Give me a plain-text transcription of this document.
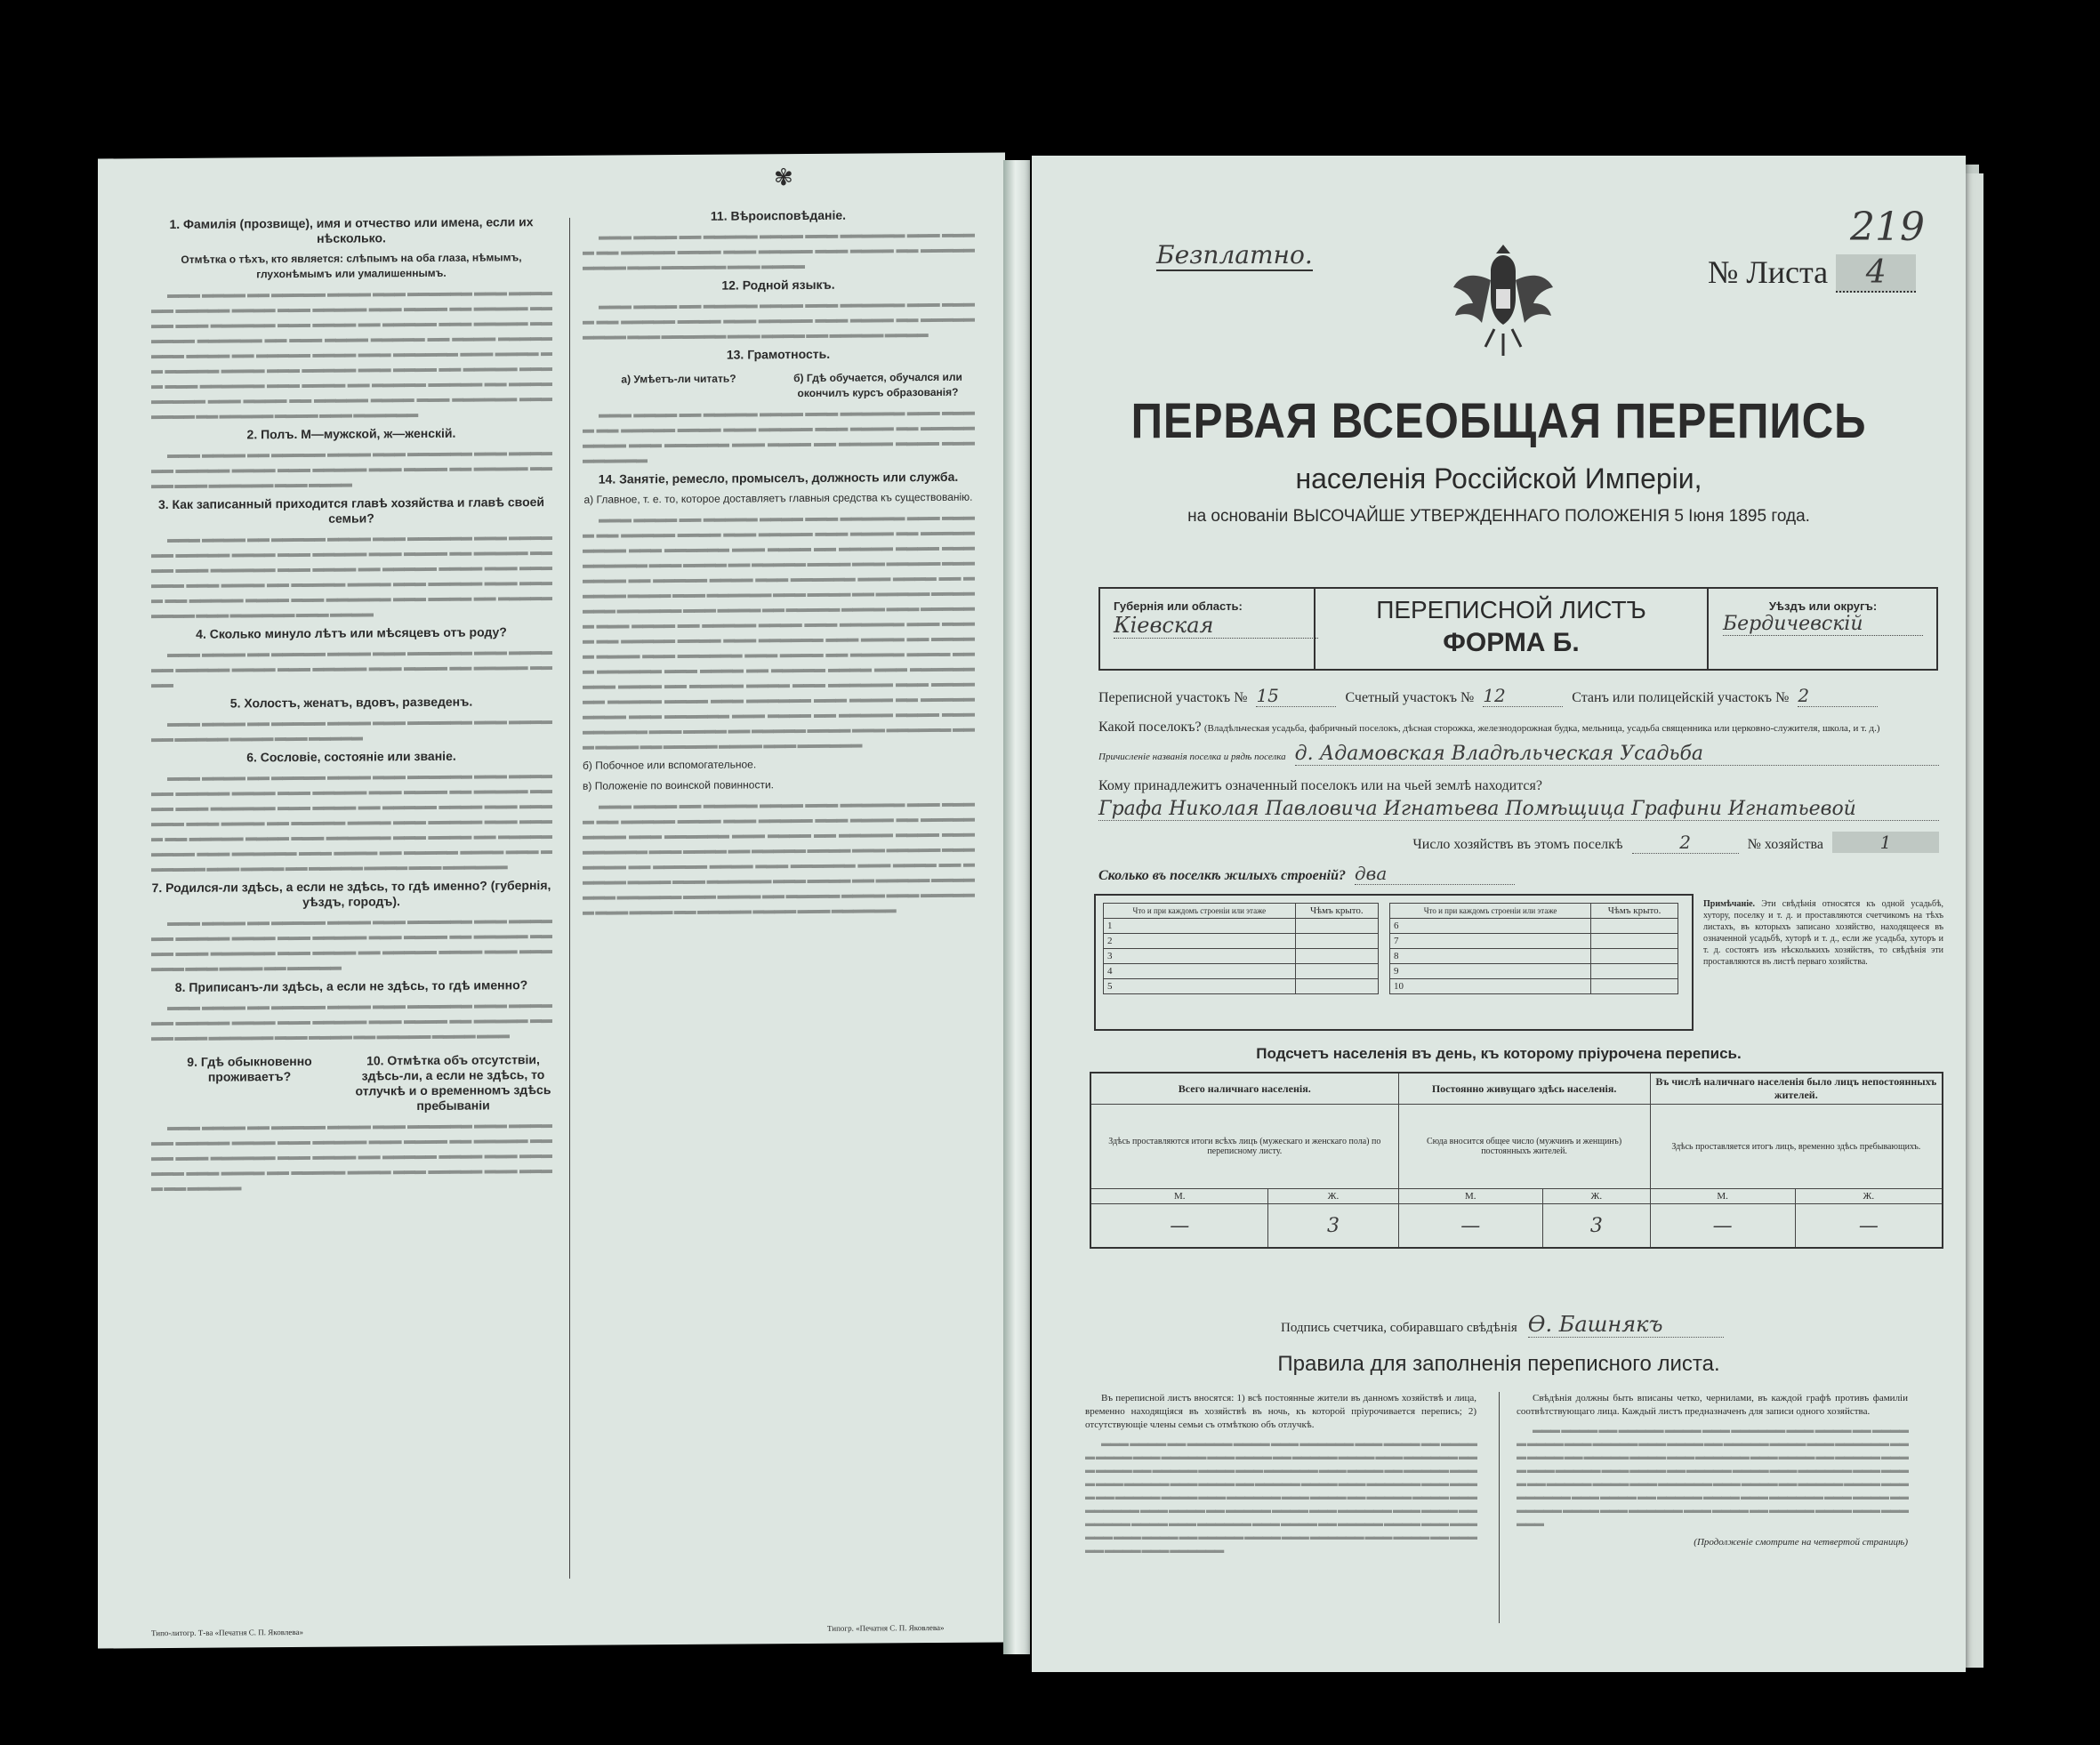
✾
1. Фамилія (прозвище), имя и отчество или имена, если их нѣсколько.
Отмѣтка о тѣхъ, кто является: слѣпымъ на оба глаза, нѣмымъ, глухонѣмымъ или умалишеннымъ.

▬▬▬ ▬▬▬▬ ▬▬ ▬▬▬▬▬ ▬▬▬▬ ▬▬▬ ▬▬▬▬▬▬ ▬▬▬ ▬▬▬▬ ▬▬ ▬▬▬▬▬ ▬▬▬▬ ▬▬▬ ▬▬▬▬▬ ▬▬▬ ▬▬▬▬ ▬▬ ▬▬▬▬▬ ▬▬▬▬ ▬▬▬ ▬▬▬▬▬▬ ▬▬▬ ▬▬▬▬ ▬▬ ▬▬▬▬▬ ▬▬▬ ▬▬▬▬▬ ▬▬ ▬▬▬▬ ▬▬▬▬▬▬ ▬▬ ▬▬▬ ▬▬▬▬ ▬▬▬▬▬ ▬▬ ▬▬▬▬ ▬▬▬▬▬ ▬▬▬ ▬▬▬▬ ▬▬ ▬▬▬▬▬ ▬▬▬▬ ▬▬▬ ▬▬▬▬▬▬ ▬▬▬ ▬▬▬▬ ▬▬ ▬▬▬▬▬ ▬▬▬▬ ▬▬▬ ▬▬▬▬▬ ▬▬▬ ▬▬▬▬ ▬▬ ▬▬▬▬▬ ▬▬▬▬ ▬▬▬ ▬▬▬▬▬▬ ▬▬▬ ▬▬▬▬ ▬▬ ▬▬▬▬▬ ▬▬▬▬▬ ▬▬ ▬▬▬▬ ▬▬▬▬▬ ▬▬▬ ▬▬▬▬ ▬▬ ▬▬▬▬▬ ▬▬▬▬ ▬▬▬ ▬▬▬▬▬▬ ▬▬▬ ▬▬▬▬ ▬▬ ▬▬▬▬▬ ▬▬▬▬ ▬▬▬ ▬▬▬▬▬▬

2. Полъ. М—мужской, ж—женскій.

▬▬▬ ▬▬▬▬ ▬▬ ▬▬▬▬▬ ▬▬▬▬ ▬▬▬ ▬▬▬▬▬▬ ▬▬▬ ▬▬▬▬ ▬▬ ▬▬▬▬▬ ▬▬▬▬ ▬▬▬ ▬▬▬▬▬ ▬▬▬ ▬▬▬▬ ▬▬ ▬▬▬▬▬ ▬▬▬▬ ▬▬▬ ▬▬▬▬▬▬ ▬▬▬ ▬▬▬▬

3. Как записанный приходится главѣ хозяйства и главѣ своей семьи?

▬▬▬ ▬▬▬▬ ▬▬ ▬▬▬▬▬ ▬▬▬▬ ▬▬▬ ▬▬▬▬▬▬ ▬▬▬ ▬▬▬▬ ▬▬ ▬▬▬▬▬ ▬▬▬▬ ▬▬▬ ▬▬▬▬▬ ▬▬▬ ▬▬▬▬ ▬▬ ▬▬▬▬▬ ▬▬▬▬ ▬▬▬ ▬▬▬▬▬▬ ▬▬▬ ▬▬▬▬ ▬▬ ▬▬▬▬▬ ▬▬▬▬ ▬▬▬ ▬▬▬▬▬▬ ▬▬▬ ▬▬▬▬ ▬▬ ▬▬▬▬▬ ▬▬▬▬ ▬▬▬ ▬▬▬▬▬ ▬▬▬ ▬▬▬▬ ▬▬ ▬▬▬▬▬ ▬▬▬▬ ▬▬▬ ▬▬▬▬▬▬ ▬▬▬ ▬▬▬▬ ▬▬ ▬▬▬▬▬ ▬▬▬▬ ▬▬▬ ▬▬▬▬▬▬ ▬▬▬ ▬▬▬▬

4. Сколько минуло лѣтъ или мѣсяцевъ отъ роду?

▬▬▬ ▬▬▬▬ ▬▬ ▬▬▬▬▬ ▬▬▬▬ ▬▬▬ ▬▬▬▬▬▬ ▬▬▬ ▬▬▬▬ ▬▬ ▬▬▬▬▬ ▬▬▬▬ ▬▬▬ ▬▬▬▬▬ ▬▬▬ ▬▬▬▬ ▬▬ ▬▬▬▬▬ ▬▬▬▬

5. Холостъ, женатъ, вдовъ, разведенъ.

▬▬▬ ▬▬▬▬ ▬▬ ▬▬▬▬▬ ▬▬▬▬ ▬▬▬ ▬▬▬▬▬▬ ▬▬▬ ▬▬▬▬ ▬▬ ▬▬▬▬▬ ▬▬▬▬ ▬▬▬ ▬▬▬▬▬

6. Сословіе, состояніе или званіе.

▬▬▬ ▬▬▬▬ ▬▬ ▬▬▬▬▬ ▬▬▬▬ ▬▬▬ ▬▬▬▬▬▬ ▬▬▬ ▬▬▬▬ ▬▬ ▬▬▬▬▬ ▬▬▬▬ ▬▬▬ ▬▬▬▬▬ ▬▬▬ ▬▬▬▬ ▬▬ ▬▬▬▬▬ ▬▬▬▬ ▬▬▬ ▬▬▬▬▬▬ ▬▬▬ ▬▬▬▬ ▬▬ ▬▬▬▬▬ ▬▬▬▬ ▬▬▬ ▬▬▬▬▬▬ ▬▬▬ ▬▬▬▬ ▬▬ ▬▬▬▬▬ ▬▬▬▬ ▬▬▬ ▬▬▬▬▬ ▬▬▬ ▬▬▬▬ ▬▬ ▬▬▬▬▬ ▬▬▬▬ ▬▬▬ ▬▬▬▬▬▬ ▬▬▬ ▬▬▬▬ ▬▬ ▬▬▬▬▬ ▬▬▬▬ ▬▬▬ ▬▬▬▬▬▬ ▬▬▬ ▬▬▬▬ ▬▬ ▬▬▬▬▬ ▬▬▬▬ ▬▬▬ ▬▬▬▬▬▬ ▬▬▬ ▬▬▬▬ ▬▬ ▬▬▬▬▬ ▬▬▬▬ ▬▬▬ ▬▬▬▬▬▬

7. Родился-ли здѣсь, а если не здѣсь, то гдѣ именно? (губернія, уѣздъ, городъ).

▬▬▬ ▬▬▬▬ ▬▬ ▬▬▬▬▬ ▬▬▬▬ ▬▬▬ ▬▬▬▬▬▬ ▬▬▬ ▬▬▬▬ ▬▬ ▬▬▬▬▬ ▬▬▬▬ ▬▬▬ ▬▬▬▬▬ ▬▬▬ ▬▬▬▬ ▬▬ ▬▬▬▬▬ ▬▬▬▬ ▬▬▬ ▬▬▬▬▬▬ ▬▬▬ ▬▬▬▬ ▬▬ ▬▬▬▬▬ ▬▬▬▬ ▬▬▬ ▬▬▬▬▬▬ ▬▬▬ ▬▬▬▬ ▬▬ ▬▬▬▬▬

8. Приписанъ-ли здѣсь, а если не здѣсь, то гдѣ именно?

▬▬▬ ▬▬▬▬ ▬▬ ▬▬▬▬▬ ▬▬▬▬ ▬▬▬ ▬▬▬▬▬▬ ▬▬▬ ▬▬▬▬ ▬▬ ▬▬▬▬▬ ▬▬▬▬ ▬▬▬ ▬▬▬▬▬ ▬▬▬ ▬▬▬▬ ▬▬ ▬▬▬▬▬ ▬▬▬▬ ▬▬▬ ▬▬▬▬▬▬ ▬▬▬ ▬▬▬▬ ▬▬ ▬▬▬▬▬ ▬▬▬▬ ▬▬▬

9. Гдѣ обыкновенно проживаетъ?
10. Отмѣтка объ отсутствіи, здѣсь-ли, а если не здѣсь, то отлучкѣ и о временномъ здѣсь пребываніи

▬▬▬ ▬▬▬▬ ▬▬ ▬▬▬▬▬ ▬▬▬▬ ▬▬▬ ▬▬▬▬▬▬ ▬▬▬ ▬▬▬▬ ▬▬ ▬▬▬▬▬ ▬▬▬▬ ▬▬▬ ▬▬▬▬▬ ▬▬▬ ▬▬▬▬ ▬▬ ▬▬▬▬▬ ▬▬▬▬ ▬▬▬ ▬▬▬▬▬▬ ▬▬▬ ▬▬▬▬ ▬▬ ▬▬▬▬▬ ▬▬▬▬ ▬▬▬ ▬▬▬▬▬▬ ▬▬▬ ▬▬▬▬ ▬▬ ▬▬▬▬▬ ▬▬▬▬ ▬▬▬ ▬▬▬▬▬ ▬▬▬ ▬▬▬▬ ▬▬ ▬▬▬▬▬

11. Вѣроисповѣданіе.

▬▬▬ ▬▬▬▬ ▬▬ ▬▬▬▬▬ ▬▬▬▬ ▬▬▬ ▬▬▬▬▬▬ ▬▬▬ ▬▬▬▬ ▬▬ ▬▬▬▬▬ ▬▬▬▬ ▬▬▬ ▬▬▬▬▬ ▬▬▬ ▬▬▬▬ ▬▬ ▬▬▬▬▬ ▬▬▬▬ ▬▬▬ ▬▬▬▬▬▬ ▬▬▬ ▬▬▬▬

12. Родной языкъ.

▬▬▬ ▬▬▬▬ ▬▬ ▬▬▬▬▬ ▬▬▬▬ ▬▬▬ ▬▬▬▬▬▬ ▬▬▬ ▬▬▬▬ ▬▬ ▬▬▬▬▬ ▬▬▬▬ ▬▬▬ ▬▬▬▬▬ ▬▬▬ ▬▬▬▬ ▬▬ ▬▬▬▬▬ ▬▬▬▬ ▬▬▬ ▬▬▬▬▬▬ ▬▬▬ ▬▬▬▬ ▬▬ ▬▬▬▬▬ ▬▬▬▬

13. Грамотность.
а) Умѣетъ-ли читать?	б) Гдѣ обучается, обучался или окончилъ курсъ образованія?

▬▬▬ ▬▬▬▬ ▬▬ ▬▬▬▬▬ ▬▬▬▬ ▬▬▬ ▬▬▬▬▬▬ ▬▬▬ ▬▬▬▬ ▬▬ ▬▬▬▬▬ ▬▬▬▬ ▬▬▬ ▬▬▬▬▬ ▬▬▬ ▬▬▬▬ ▬▬ ▬▬▬▬▬ ▬▬▬▬ ▬▬▬ ▬▬▬▬▬▬ ▬▬▬ ▬▬▬▬ ▬▬ ▬▬▬▬▬ ▬▬▬▬ ▬▬▬ ▬▬▬▬▬▬

14. Занятіе, ремесло, промыселъ, должность или служба.
а) Главное, т. е. то, которое доставляетъ главныя средства къ существованію.

▬▬▬ ▬▬▬▬ ▬▬ ▬▬▬▬▬ ▬▬▬▬ ▬▬▬ ▬▬▬▬▬▬ ▬▬▬ ▬▬▬▬ ▬▬ ▬▬▬▬▬ ▬▬▬▬ ▬▬▬ ▬▬▬▬▬ ▬▬▬ ▬▬▬▬ ▬▬ ▬▬▬▬▬ ▬▬▬▬ ▬▬▬ ▬▬▬▬▬▬ ▬▬▬ ▬▬▬▬ ▬▬ ▬▬▬▬▬ ▬▬▬▬ ▬▬▬ ▬▬▬▬▬▬ ▬▬▬ ▬▬▬▬ ▬▬ ▬▬▬▬▬ ▬▬▬▬ ▬▬▬ ▬▬▬▬▬ ▬▬▬ ▬▬▬▬ ▬▬ ▬▬▬▬▬ ▬▬▬▬ ▬▬▬ ▬▬▬▬▬▬ ▬▬▬ ▬▬▬▬ ▬▬ ▬▬▬▬▬ ▬▬▬▬ ▬▬▬ ▬▬▬▬▬▬ ▬▬▬ ▬▬▬▬ ▬▬ ▬▬▬▬▬ ▬▬▬▬ ▬▬▬ ▬▬▬▬▬▬ ▬▬▬ ▬▬▬▬ ▬▬ ▬▬▬▬▬ ▬▬▬▬ ▬▬▬ ▬▬▬▬▬▬ ▬▬▬ ▬▬▬▬ ▬▬ ▬▬▬▬▬ ▬▬▬▬ ▬▬▬ ▬▬▬▬▬▬ ▬▬▬ ▬▬▬▬ ▬▬ ▬▬▬▬▬ ▬▬▬▬ ▬▬▬ ▬▬▬▬▬▬ ▬▬▬ ▬▬▬▬ ▬▬ ▬▬▬▬▬ ▬▬▬▬ ▬▬▬ ▬▬▬▬▬▬ ▬▬▬ ▬▬▬▬ ▬▬ ▬▬▬▬▬ ▬▬▬▬ ▬▬▬ ▬▬▬▬▬▬ ▬▬▬ ▬▬▬▬ ▬▬ ▬▬▬▬▬ ▬▬▬▬ ▬▬▬ ▬▬▬▬▬▬ ▬▬▬ ▬▬▬▬ ▬▬ ▬▬▬▬▬ ▬▬▬▬ ▬▬▬ ▬▬▬▬▬▬ ▬▬▬ ▬▬▬▬ ▬▬ ▬▬▬▬▬ ▬▬▬▬ ▬▬▬ ▬▬▬▬▬▬ ▬▬▬ ▬▬▬▬ ▬▬ ▬▬▬▬▬ ▬▬▬▬ ▬▬▬ ▬▬▬▬▬▬ ▬▬▬ ▬▬▬▬ ▬▬ ▬▬▬▬▬ ▬▬▬▬ ▬▬▬ ▬▬▬▬▬▬ ▬▬▬ ▬▬▬▬ ▬▬ ▬▬▬▬▬ ▬▬▬▬ ▬▬▬ ▬▬▬▬▬▬ ▬▬▬ ▬▬▬▬ ▬▬ ▬▬▬▬▬ ▬▬▬▬ ▬▬▬ ▬▬▬▬▬▬

б) Побочное или вспомогательное.
в) Положеніе по воинской повинности.

▬▬▬ ▬▬▬▬ ▬▬ ▬▬▬▬▬ ▬▬▬▬ ▬▬▬ ▬▬▬▬▬▬ ▬▬▬ ▬▬▬▬ ▬▬ ▬▬▬▬▬ ▬▬▬▬ ▬▬▬ ▬▬▬▬▬ ▬▬▬ ▬▬▬▬ ▬▬ ▬▬▬▬▬ ▬▬▬▬ ▬▬▬ ▬▬▬▬▬▬ ▬▬▬ ▬▬▬▬ ▬▬ ▬▬▬▬▬ ▬▬▬▬ ▬▬▬ ▬▬▬▬▬▬ ▬▬▬ ▬▬▬▬ ▬▬ ▬▬▬▬▬ ▬▬▬▬ ▬▬▬ ▬▬▬▬▬ ▬▬▬ ▬▬▬▬ ▬▬ ▬▬▬▬▬ ▬▬▬▬ ▬▬▬ ▬▬▬▬▬▬ ▬▬▬ ▬▬▬▬ ▬▬ ▬▬▬▬▬ ▬▬▬▬ ▬▬▬ ▬▬▬▬▬▬ ▬▬▬ ▬▬▬▬ ▬▬ ▬▬▬▬▬ ▬▬▬▬ ▬▬▬ ▬▬▬▬▬▬ ▬▬▬ ▬▬▬▬ ▬▬ ▬▬▬▬▬ ▬▬▬▬ ▬▬▬ ▬▬▬▬▬▬ ▬▬▬ ▬▬▬▬ ▬▬ ▬▬▬▬▬ ▬▬▬▬ ▬▬▬ ▬▬▬▬▬▬

Типо-литогр. Т-ва «Печатня С. П. Яковлева»	Типогр. «Печатня С. П. Яковлева»
219
Безплатно.	№ Листа 4
ПЕРВАЯ ВСЕОБЩАЯ ПЕРЕПИСЬ
населенія Россійской Имперіи,
на основаніи ВЫСОЧАЙШЕ УТВЕРЖДЕННАГО ПОЛОЖЕНІЯ 5 Іюня 1895 года.
Губернія или область:
Кіевская
ПЕРЕПИСНОЙ ЛИСТЪ
ФОРМА Б.
Уѣздъ или округъ:
Бердичевскій
Переписной участокъ № 15	Счетный участокъ № 12	Станъ или полицейскій участокъ № 2
Какой поселокъ? (Владѣльческая усадьба, фабричный поселокъ, дѣсная сторожка, железнодорожная будка, мельница, усадьба священника или церковно-служителя, школа, и т. д.)
Причисленіе названія поселка и рядѣ поселка д. Адамовская Владѣльческая Усадьба
Кому принадлежитъ означенный поселокъ или на чьей землѣ находится?
Графа Николая Павловича Игнатьева Помѣщица Графини Игнатьевой
Число хозяйствъ въ этомъ поселкѣ	2	№ хозяйства	1
Сколько въ поселкѣ жилыхъ строеній? два
Что и при каждомъ строеніи или этаже	Чѣмъ крыто.
1	
2	
3	
4	
5	
Что и при каждомъ строеніи или этаже	Чѣмъ крыто.
6	
7	
8	
9	
10	
Примѣчаніе. Эти свѣдѣнія относятся къ одной усадьбѣ, хутору, поселку и т. д. и проставляются счетчикомъ на тѣхъ листахъ, въ которыхъ записано хозяйство, находящееся въ означенной усадьбѣ, хуторѣ и т. д., если же усадьба, хуторъ и т. д. состоятъ изъ нѣсколькихъ хозяйствъ, то свѣдѣнія эти проставляются въ листѣ перваго хозяйства.
Подсчетъ населенія въ день, къ которому пріурочена перепись.
Всего наличнаго населенія.		Постоянно живущаго здѣсь населенія.		Въ числѣ наличнаго населенія было лицъ непостоянныхъ жителей.	
Здѣсь проставляются итоги всѣхъ лицъ (мужескаго и женскаго пола) по переписному листу.		Сюда вносится общее число (мужчинъ и женщинъ) постоянныхъ жителей.		Здѣсь проставляется итогъ лицъ, временно здѣсь пребывающихъ.	
М.	Ж.	М.	Ж.	М.	Ж.
—	3	—	3	—	—
Подпись счетчика, собиравшаго свѣдѣнія Ѳ. Башнякъ
Правила для заполненія переписного листа.

Въ переписной листъ вносятся: 1) всѣ постоянные жители въ данномъ хозяйствѣ и лица, временно находящіяся въ хозяйствѣ въ ночь, къ которой пріурочивается перепись; 2) отсутствующіе члены семьи съ отмѣткою объ отлучкѣ.

▬▬▬ ▬▬▬▬ ▬▬ ▬▬▬▬▬ ▬▬▬▬ ▬▬▬ ▬▬▬▬▬▬ ▬▬▬ ▬▬▬▬ ▬▬ ▬▬▬▬▬ ▬▬▬▬ ▬▬▬ ▬▬▬▬▬ ▬▬▬ ▬▬▬▬ ▬▬ ▬▬▬▬▬ ▬▬▬▬ ▬▬▬ ▬▬▬▬▬▬ ▬▬▬ ▬▬▬▬ ▬▬ ▬▬▬▬▬ ▬▬▬▬ ▬▬▬ ▬▬▬▬▬▬ ▬▬▬ ▬▬▬▬ ▬▬ ▬▬▬▬▬ ▬▬▬▬ ▬▬▬ ▬▬▬▬▬ ▬▬▬ ▬▬▬▬ ▬▬ ▬▬▬▬▬ ▬▬▬▬ ▬▬▬ ▬▬▬▬▬▬ ▬▬▬ ▬▬▬▬ ▬▬ ▬▬▬▬▬ ▬▬▬▬ ▬▬▬ ▬▬▬▬▬▬ ▬▬▬ ▬▬▬▬ ▬▬ ▬▬▬▬▬ ▬▬▬▬ ▬▬▬ ▬▬▬▬▬▬ ▬▬▬ ▬▬▬▬ ▬▬ ▬▬▬▬▬ ▬▬▬▬ ▬▬▬ ▬▬▬▬▬▬ ▬▬▬ ▬▬▬▬ ▬▬ ▬▬▬▬▬ ▬▬▬▬ ▬▬▬ ▬▬▬▬▬▬ ▬▬▬ ▬▬▬▬ ▬▬ ▬▬▬▬▬ ▬▬▬▬ ▬▬▬ ▬▬▬▬▬▬ ▬▬▬ ▬▬▬▬ ▬▬ ▬▬▬▬▬ ▬▬▬▬ ▬▬▬ ▬▬▬▬▬▬ ▬▬▬ ▬▬▬▬ ▬▬ ▬▬▬▬▬ ▬▬▬▬ ▬▬▬ ▬▬▬▬▬▬

Свѣдѣнія должны быть вписаны четко, чернилами, въ каждой графѣ противъ фамиліи соотвѣтствующаго лица. Каждый листъ предназначенъ для записи одного хозяйства.

▬▬▬ ▬▬▬▬ ▬▬ ▬▬▬▬▬ ▬▬▬▬ ▬▬▬ ▬▬▬▬▬▬ ▬▬▬ ▬▬▬▬ ▬▬ ▬▬▬▬▬ ▬▬▬▬ ▬▬▬ ▬▬▬▬▬ ▬▬▬ ▬▬▬▬ ▬▬ ▬▬▬▬▬ ▬▬▬▬ ▬▬▬ ▬▬▬▬▬▬ ▬▬▬ ▬▬▬▬ ▬▬ ▬▬▬▬▬ ▬▬▬▬ ▬▬▬ ▬▬▬▬▬▬ ▬▬▬ ▬▬▬▬ ▬▬ ▬▬▬▬▬ ▬▬▬▬ ▬▬▬ ▬▬▬▬▬ ▬▬▬ ▬▬▬▬ ▬▬ ▬▬▬▬▬ ▬▬▬▬ ▬▬▬ ▬▬▬▬▬▬ ▬▬▬ ▬▬▬▬ ▬▬ ▬▬▬▬▬ ▬▬▬▬ ▬▬▬ ▬▬▬▬▬▬ ▬▬▬ ▬▬▬▬ ▬▬ ▬▬▬▬▬ ▬▬▬▬ ▬▬▬ ▬▬▬▬▬▬ ▬▬▬ ▬▬▬▬ ▬▬ ▬▬▬▬▬ ▬▬▬▬ ▬▬▬ ▬▬▬▬▬▬ ▬▬▬ ▬▬▬▬ ▬▬ ▬▬▬▬▬ ▬▬▬▬ ▬▬▬ ▬▬▬▬▬▬ ▬▬▬ ▬▬▬▬ ▬▬ ▬▬▬▬▬ ▬▬▬▬ ▬▬▬ ▬▬▬▬▬▬

(Продолженіе смотрите на четвертой страницѣ)
